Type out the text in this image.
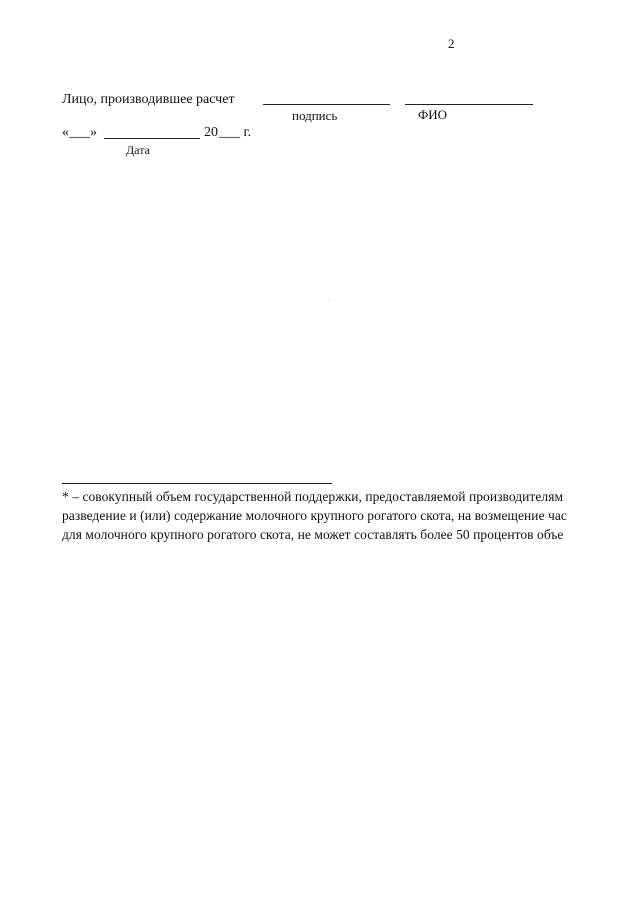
2
Лицо, производившее расчет
подпись	ФИО
«___»	20 ___ г.
Дата
* – совокупный объем государственной поддержки, предоставляемой производителям
разведение и (или) содержание молочного крупного рогатого скота, на возмещение час
для молочного крупного рогатого скота, не может составлять более 50 процентов объе
